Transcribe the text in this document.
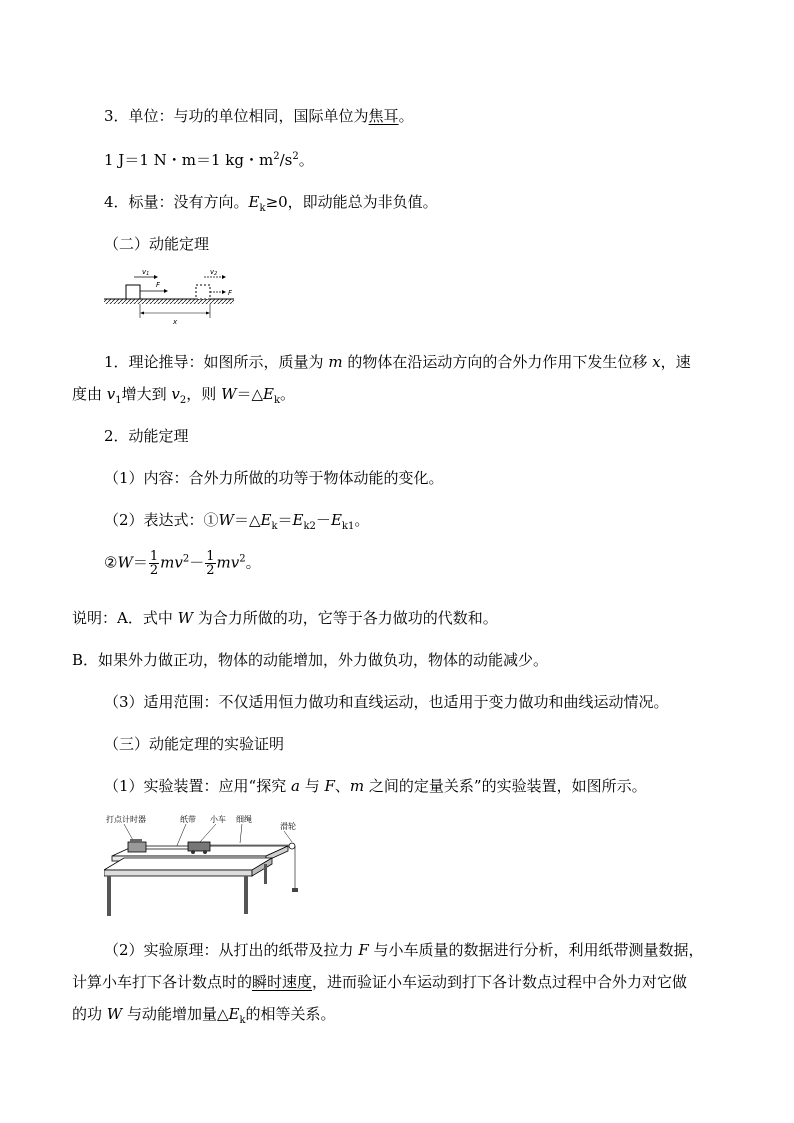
3．单位：与功的单位相同，国际单位为焦耳。
1 J＝1 N・m＝1 kg・$m^2/s^2$。
4．标量：没有方向。$E_k\ge 0$，即动能总为非负值。
（二）动能定理
v1
F
v2
F
x
1．理论推导：如图所示，质量为 m 的物体在沿运动方向的合外力作用下发生位移 x，速
度由 $v_1$增大到 $v_2$，则 $W=\triangle E_k$。
2．动能定理
（1）内容：合外力所做的功等于物体动能的变化。
（2）表达式：$①W=\triangle E_k=E_{k2}-E_{k1}$。
②W＝ $\frac{1}{2} mv^2- \frac{1}{2} mv^2$。
说明：A．式中 W 为合力所做的功，它等于各力做功的代数和。
B．如果外力做正功，物体的动能增加，外力做负功，物体的动能减少。
（3）适用范围：不仅适用恒力做功和直线运动，也适用于变力做功和曲线运动情况。
（三）动能定理的实验证明
（1）实验装置：应用“探究 a 与 F、m 之间的定量关系”的实验装置，如图所示。
打点计时器	纸带 小车 细绳
滑轮
（2）实验原理：从打出的纸带及拉力 F 与小车质量的数据进行分析，利用纸带测量数据，
计算小车打下各计数点时的瞬时速度，进而验证小车运动到打下各计数点过程中合外力对它做
的功 W 与动能增加量$\triangle E_k$的相等关系。
